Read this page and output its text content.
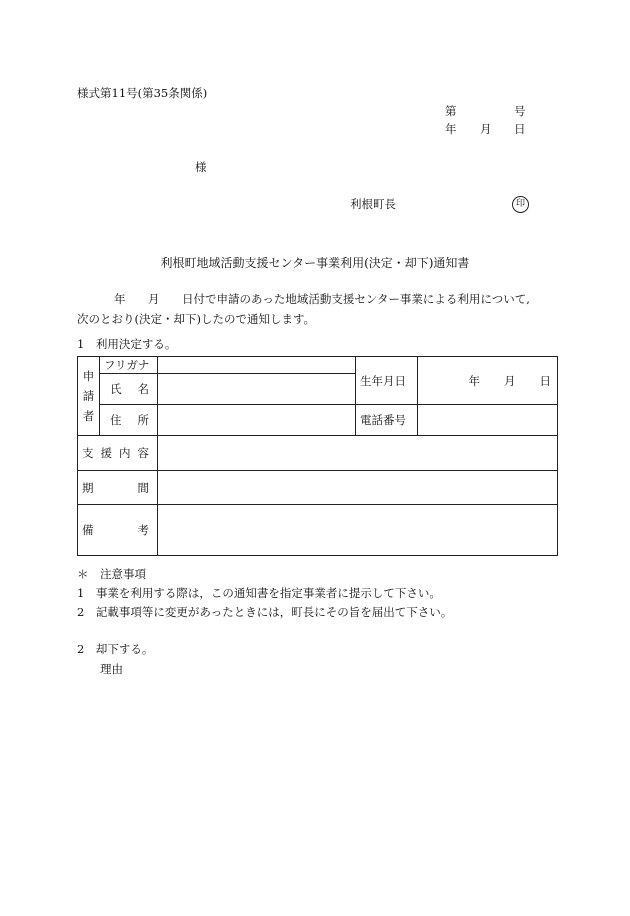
様式第11号(第35条関係)
第	号
年 月 日
様
利根町長	印
利根町地域活動支援センター事業利用(決定・却下)通知書
年 月 日付で申請のあった地域活動支援センター事業による利用について,
次のとおり(決定・却下)したので通知します。
1　利用決定する。
申
請
者	フリガナ		生年月日	年 月 日

	氏 名			

	住 所		電話番号	

支 援 内 容				

期 間				

備 考				

＊　注意事項
1　事業を利用する際は，この通知書を指定事業者に提示して下さい。
2　記載事項等に変更があったときには，町長にその旨を届出て下さい。
2　却下する。
理由
